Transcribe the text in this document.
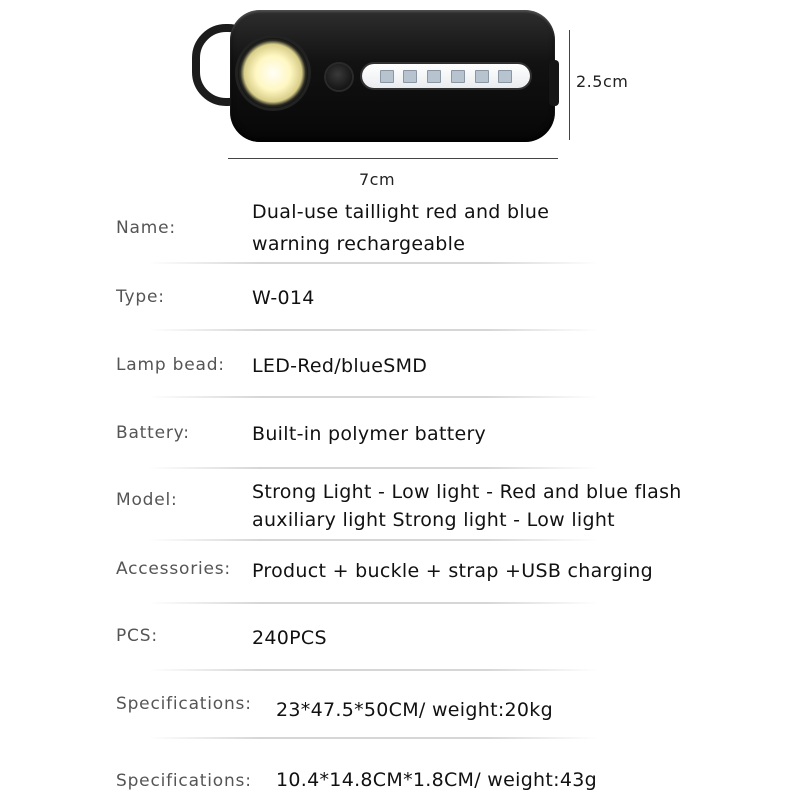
2.5cm
7cm
Name:
Dual-use taillight red and blue
warning rechargeable
Type:	W-014
Lamp bead: LED-Red/blueSMD
Battery:	Built-in polymer battery
Model:	Strong Light - Low light - Red and blue flash
auxiliary light Strong light - Low light
Accessories: Product + buckle + strap +USB charging
PCS:	240PCS
Specifications: 23*47.5*50CM/ weight:20kg
Specifications: 10.4*14.8CM*1.8CM/ weight:43g
